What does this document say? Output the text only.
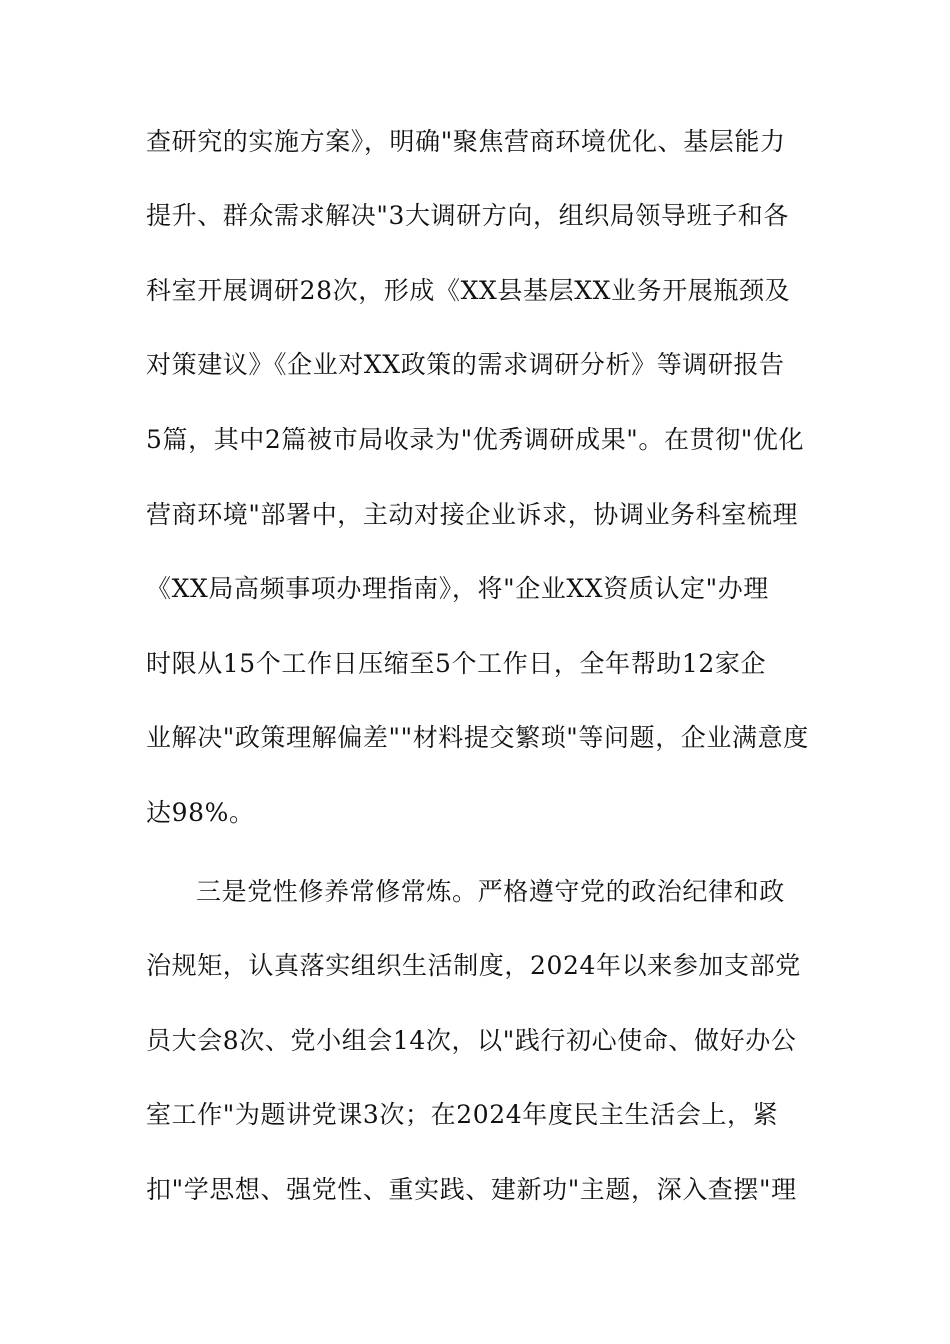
查研究的实施方案》，明确"聚焦营商环境优化、基层能力
提升、群众需求解决"3大调研方向，组织局领导班子和各
科室开展调研28次，形成《XX县基层XX业务开展瓶颈及
对策建议》《企业对XX政策的需求调研分析》等调研报告
5篇，其中2篇被市局收录为"优秀调研成果"。在贯彻"优化
营商环境"部署中，主动对接企业诉求，协调业务科室梳理
《XX局高频事项办理指南》，将"企业XX资质认定"办理
时限从15个工作日压缩至5个工作日，全年帮助12家企
业解决"政策理解偏差""材料提交繁琐"等问题，企业满意度
达98%。
三是党性修养常修常炼。严格遵守党的政治纪律和政
治规矩，认真落实组织生活制度，2024年以来参加支部党
员大会8次、党小组会14次，以"践行初心使命、做好办公
室工作"为题讲党课3次；在2024年度民主生活会上，紧
扣"学思想、强党性、重实践、建新功"主题，深入查摆"理
